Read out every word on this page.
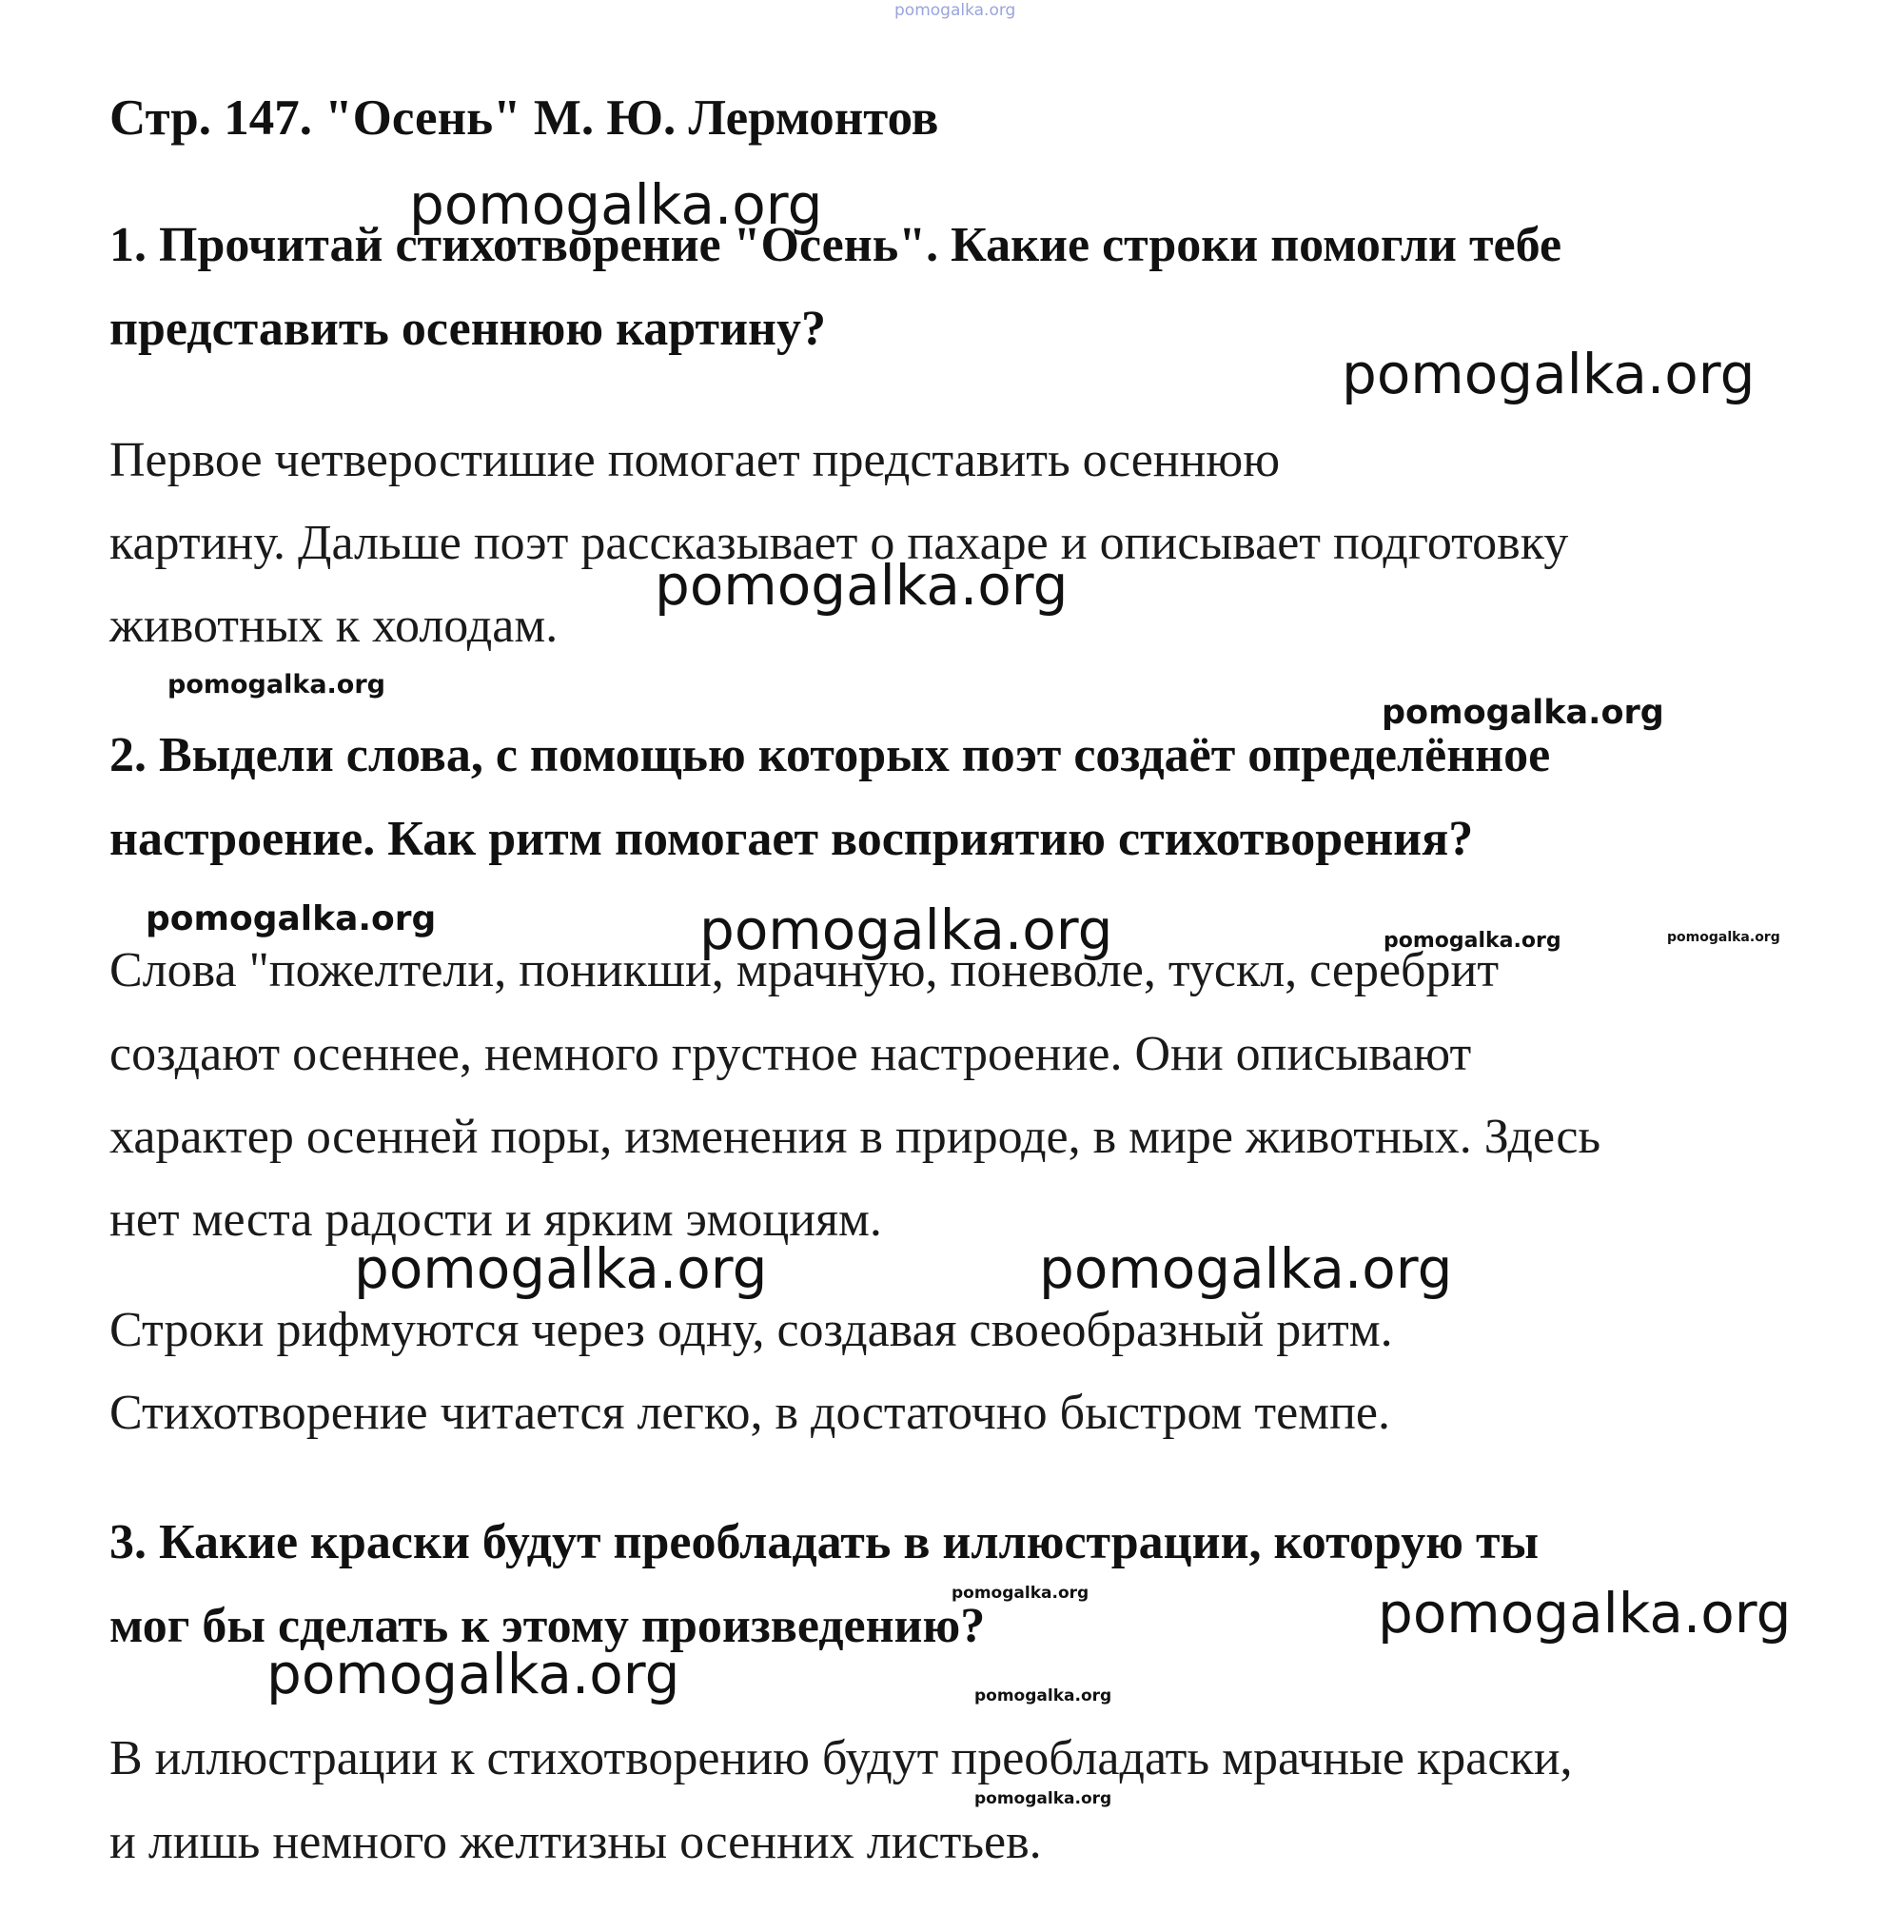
Стр. 147. "Осень" М. Ю. Лермонтов
1. Прочитай стихотворение "Осень". Какие строки помогли тебе
представить осеннюю картину?
Первое четверостишие помогает представить осеннюю
картину. Дальше поэт рассказывает о пахаре и описывает подготовку
животных к холодам.
2. Выдели слова, с помощью которых поэт создаёт определённое
настроение. Как ритм помогает восприятию стихотворения?
Слова "пожелтели, поникши, мрачную, поневоле, тускл, серебрит
создают осеннее, немного грустное настроение. Они описывают
характер осенней поры, изменения в природе, в мире животных. Здесь
нет места радости и ярким эмоциям.
Строки рифмуются через одну, создавая своеобразный ритм.
Стихотворение читается легко, в достаточно быстром темпе.
3. Какие краски будут преобладать в иллюстрации, которую ты
мог бы сделать к этому произведению?
В иллюстрации к стихотворению будут преобладать мрачные краски,
и лишь немного желтизны осенних листьев.
pomogalka.org
pomogalka.org
pomogalka.org
pomogalka.org
pomogalka.org
pomogalka.org
pomogalka.org	pomogalka.org	pomogalka.org	pomogalka.org
pomogalka.org	pomogalka.org
pomogalka.org	pomogalka.org
pomogalka.org	pomogalka.org
pomogalka.org
